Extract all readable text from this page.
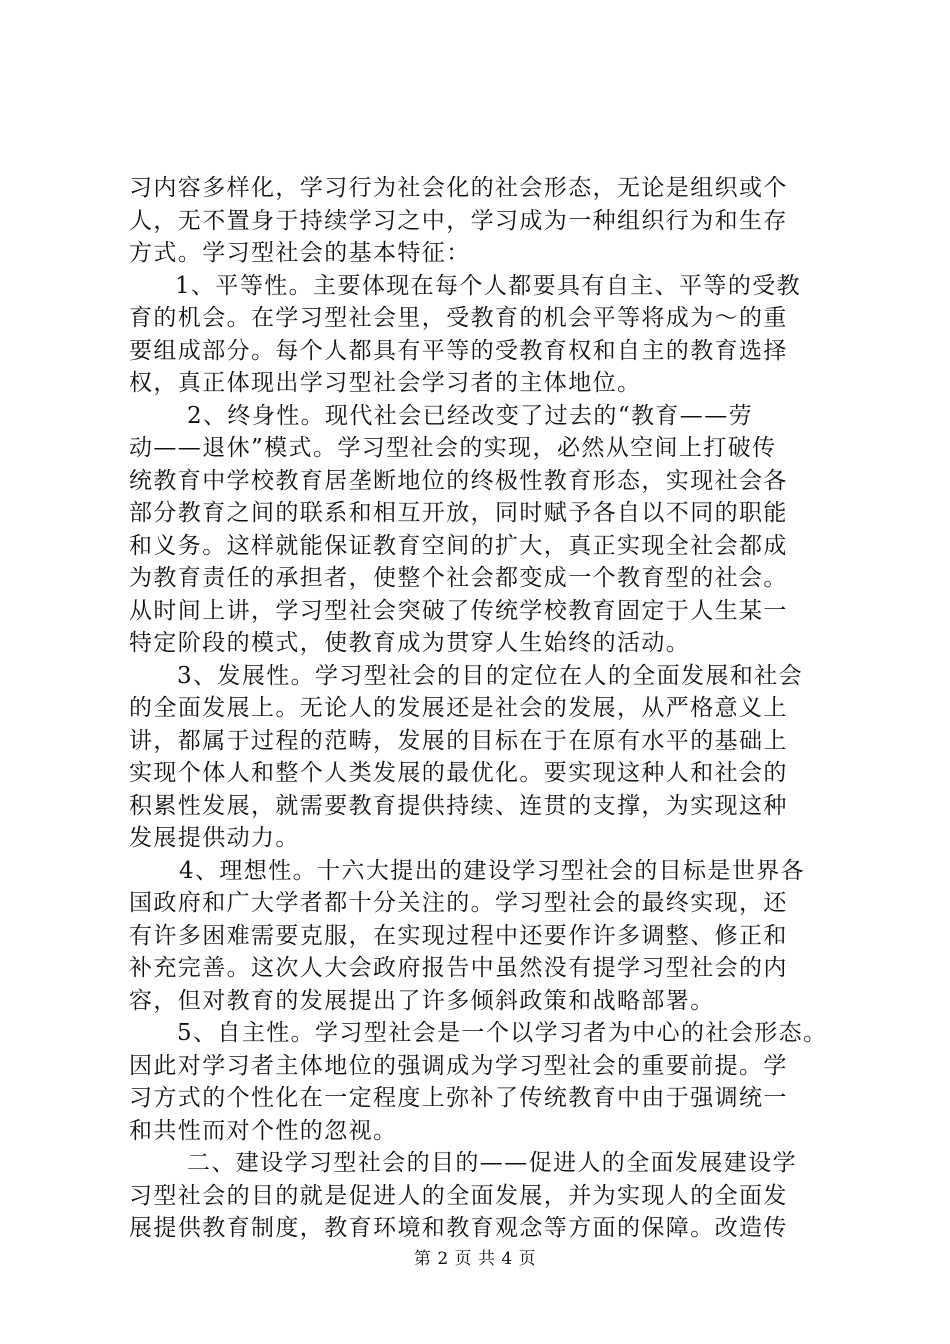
习内容多样化，学习行为社会化的社会形态，无论是组织或个
人，无不置身于持续学习之中，学习成为一种组织行为和生存
方式。学习型社会的基本特征：
1、平等性。主要体现在每个人都要具有自主、平等的受教
育的机会。在学习型社会里，受教育的机会平等将成为～的重
要组成部分。每个人都具有平等的受教育权和自主的教育选择
权，真正体现出学习型社会学习者的主体地位。
2、终身性。现代社会已经改变了过去的“教育——劳
动——退休”模式。学习型社会的实现，必然从空间上打破传
统教育中学校教育居垄断地位的终极性教育形态，实现社会各
部分教育之间的联系和相互开放，同时赋予各自以不同的职能
和义务。这样就能保证教育空间的扩大，真正实现全社会都成
为教育责任的承担者，使整个社会都变成一个教育型的社会。
从时间上讲，学习型社会突破了传统学校教育固定于人生某一
特定阶段的模式，使教育成为贯穿人生始终的活动。
3、发展性。学习型社会的目的定位在人的全面发展和社会
的全面发展上。无论人的发展还是社会的发展，从严格意义上
讲，都属于过程的范畴，发展的目标在于在原有水平的基础上
实现个体人和整个人类发展的最优化。要实现这种人和社会的
积累性发展，就需要教育提供持续、连贯的支撑，为实现这种
发展提供动力。
4、理想性。十六大提出的建设学习型社会的目标是世界各
国政府和广大学者都十分关注的。学习型社会的最终实现，还
有许多困难需要克服，在实现过程中还要作许多调整、修正和
补充完善。这次人大会政府报告中虽然没有提学习型社会的内
容，但对教育的发展提出了许多倾斜政策和战略部署。
5、自主性。学习型社会是一个以学习者为中心的社会形态。
因此对学习者主体地位的强调成为学习型社会的重要前提。学
习方式的个性化在一定程度上弥补了传统教育中由于强调统一
和共性而对个性的忽视。
二、建设学习型社会的目的——促进人的全面发展建设学
习型社会的目的就是促进人的全面发展，并为实现人的全面发
展提供教育制度，教育环境和教育观念等方面的保障。改造传
第 2 页 共 4 页
